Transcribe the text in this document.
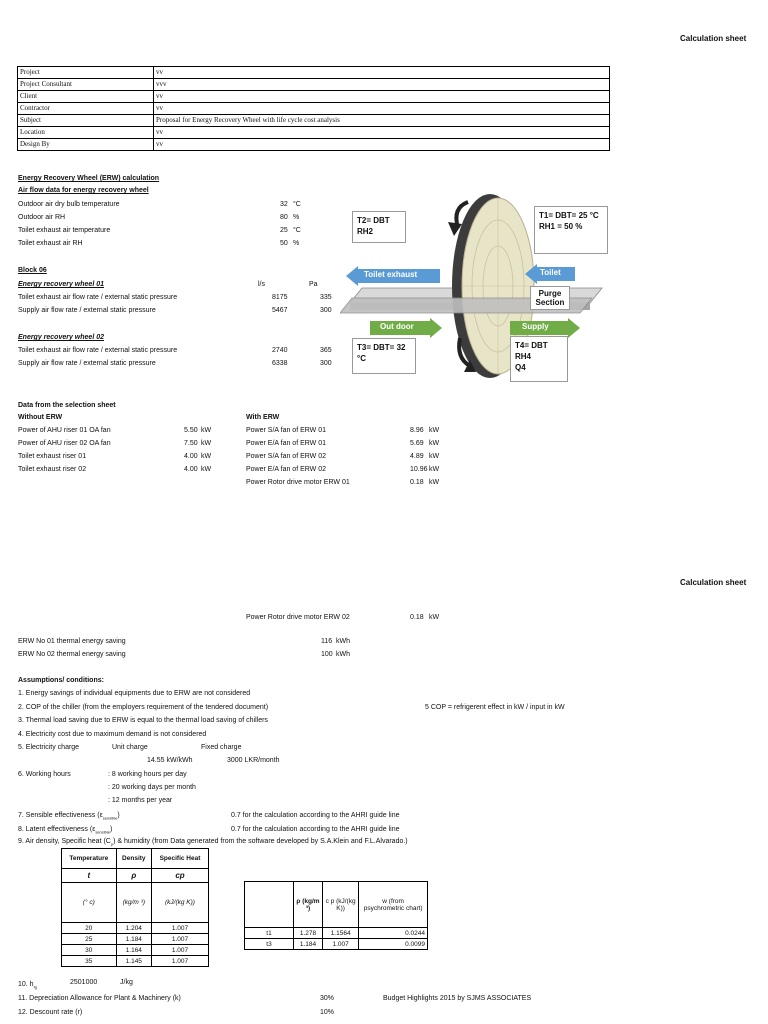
Calculation sheet
Project	vv
Project Consultant	vvv
Client	vv
Contractor	vv
Subject	Proposal for Energy Recovery Wheel with life cycle cost analysis
Location	vv
Design By	vv
Energy Recovery Wheel (ERW) calculation
Air flow data for energy recovery wheel
Outdoor air dry bulb temperature	32 °C
Outdoor air RH	80 %
Toilet exhaust air temperature	25 °C
Toilet exhaust air RH	50 %
Block 06
Energy recovery wheel 01	l/s	Pa
Toilet exhaust air flow rate / external static pressure	8175	335
Supply air flow rate / external static pressure	5467	300
Energy recovery wheel 02
Toilet exhaust air flow rate / external static pressure	2740	365
Supply air flow rate / external static pressure	6338	300
Toilet exhaust	Toilet
Out door	Supply
T2= DBT
RH2
T1= DBT= 25 °C
RH1 = 50 %
Purge Section
T3= DBT= 32 °C
T4= DBT
RH4
Q4
Data from the selection sheet
Without ERW	With ERW
Power of AHU riser 01 OA fan	5.50 kW
Power of AHU riser 02 OA fan	7.50 kW
Toilet exhaust riser 01	4.00 kW
Toilet exhaust riser 02	4.00 kW
Power S/A fan of ERW 01	8.96 kW
Power E/A fan of ERW 01	5.69 kW
Power S/A fan of ERW 02	4.89 kW
Power E/A fan of ERW 02	10.96 kW
Power Rotor drive motor ERW 01	0.18 kW
Calculation sheet
Power Rotor drive motor ERW 02	0.18 kW
ERW No 01 thermal energy saving	116 kWh
ERW No 02 thermal energy saving	100 kWh
Assumptions/ conditions:
1. Energy savings of individual equipments due to ERW are not considered
2. COP of the chiller (from the employers requirement of the tendered document)	5 COP = refrigerent effect in kW / input in kW
3. Thermal load saving due to ERW is equal to the thermal load saving of chillers
4. Electricity cost due to maximum demand is not considered
5. Electricity charge	Unit charge	Fixed charge
14.55 kW/kWh	3000 LKR/month
6. Working hours	: 8 working hours per day
: 20 working days per month
: 12 months per year
7. Sensible effectiveness $(\varepsilon_{sensible})$	0.7 for the calculation according to the AHRI guide line
8. Latent effectiveness $(\varepsilon_{sensible})$	0.7 for the calculation according to the AHRI guide line
9. Air density, Specific heat $(C_p)$ & humidity (from Data generated from the software developed by S.A.Klein and F.L.Alvarado.)
Temperature	Density	Specific Heat
t	ρ	cp
(° c)	(kg/m ³)	(kJ/(kg K))
20	1.204	1.007
25	1.184	1.007
30	1.164	1.007
35	1.145	1.007
	ρ (kg/m ³)	c p (kJ/(kg K))	w (from psychrometric chart)
t1	1.278	1.1564	0.0244
t3	1.184	1.007	0.0099
10. $h_{fg}$
2501000	J/kg
11. Depreciation Allowance for Plant & Machinery (k)	30%	Budget Highlights 2015 by SJMS ASSOCIATES
12. Descount rate (r)	10%
